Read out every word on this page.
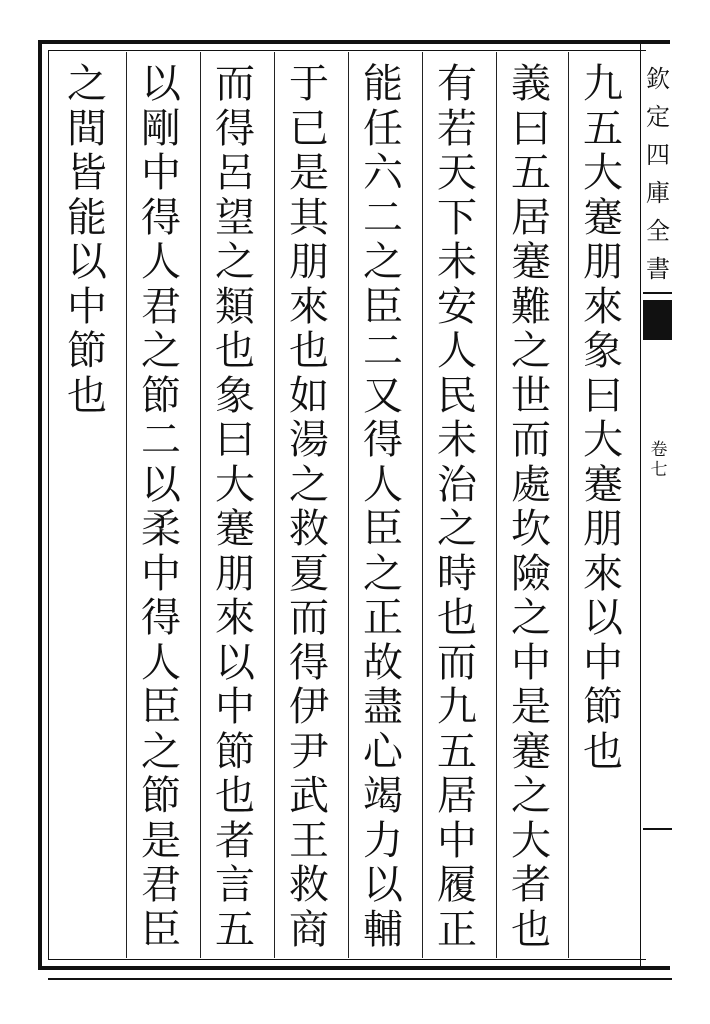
欽
定
四
庫
全
書
卷
七
九
五
大
蹇
朋
來
象
曰
大
蹇
朋
來
以
中
節
也
義
曰
五
居
蹇
難
之
世
而
處
坎
險
之
中
是
蹇
之
大
者
也
有
若
天
下
未
安
人
民
未
治
之
時
也
而
九
五
居
中
履
正
能
任
六
二
之
臣
二
又
得
人
臣
之
正
故
盡
心
竭
力
以
輔
于
已
是
其
朋
來
也
如
湯
之
救
夏
而
得
伊
尹
武
王
救
商
而
得
呂
望
之
類
也
象
曰
大
蹇
朋
來
以
中
節
也
者
言
五
以
剛
中
得
人
君
之
節
二
以
柔
中
得
人
臣
之
節
是
君
臣
之
間
皆
能
以
中
節
也
